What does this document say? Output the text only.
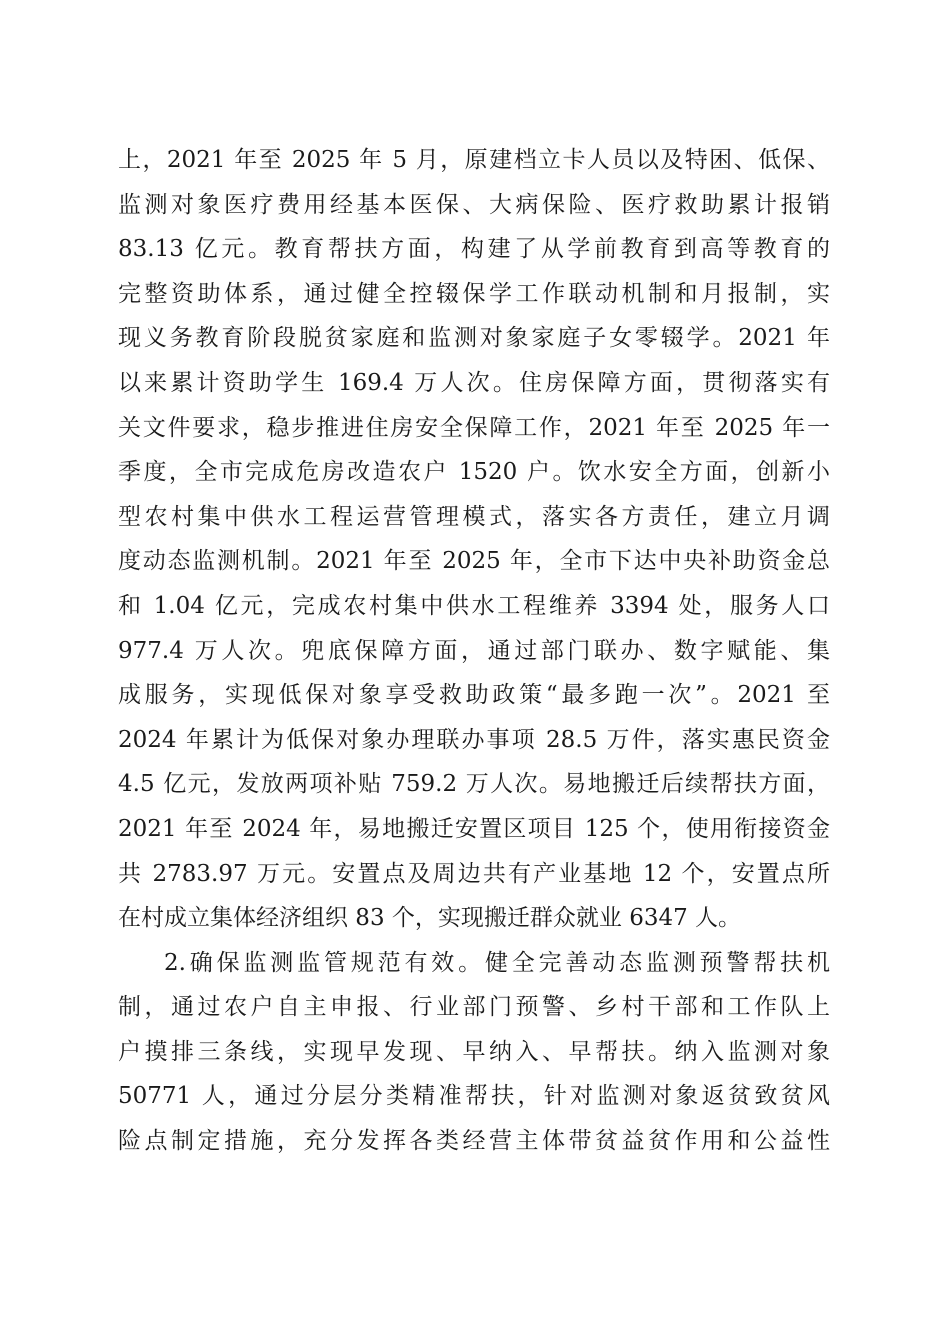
上，2021 年至 2025 年 5 月，原建档立卡人员以及特困、低保、
监测对象医疗费用经基本医保、大病保险、医疗救助累计报销
83.13 亿元。教育帮扶方面，构建了从学前教育到高等教育的
完整资助体系，通过健全控辍保学工作联动机制和月报制，实
现义务教育阶段脱贫家庭和监测对象家庭子女零辍学。2021 年
以来累计资助学生 169.4 万人次。住房保障方面，贯彻落实有
关文件要求，稳步推进住房安全保障工作，2021 年至 2025 年一
季度，全市完成危房改造农户 1520 户。饮水安全方面，创新小
型农村集中供水工程运营管理模式，落实各方责任，建立月调
度动态监测机制。2021 年至 2025 年，全市下达中央补助资金总
和 1.04 亿元，完成农村集中供水工程维养 3394 处，服务人口
977.4 万人次。兜底保障方面，通过部门联办、数字赋能、集
成服务，实现低保对象享受救助政策“最多跑一次”。2021 至
2024 年累计为低保对象办理联办事项 28.5 万件，落实惠民资金
4.5 亿元，发放两项补贴 759.2 万人次。易地搬迁后续帮扶方面，
2021 年至 2024 年，易地搬迁安置区项目 125 个，使用衔接资金
共 2783.97 万元。安置点及周边共有产业基地 12 个，安置点所
在村成立集体经济组织 83 个，实现搬迁群众就业 6347 人。
2.确保监测监管规范有效。健全完善动态监测预警帮扶机
制，通过农户自主申报、行业部门预警、乡村干部和工作队上
户摸排三条线，实现早发现、早纳入、早帮扶。纳入监测对象
50771 人，通过分层分类精准帮扶，针对监测对象返贫致贫风
险点制定措施，充分发挥各类经营主体带贫益贫作用和公益性
